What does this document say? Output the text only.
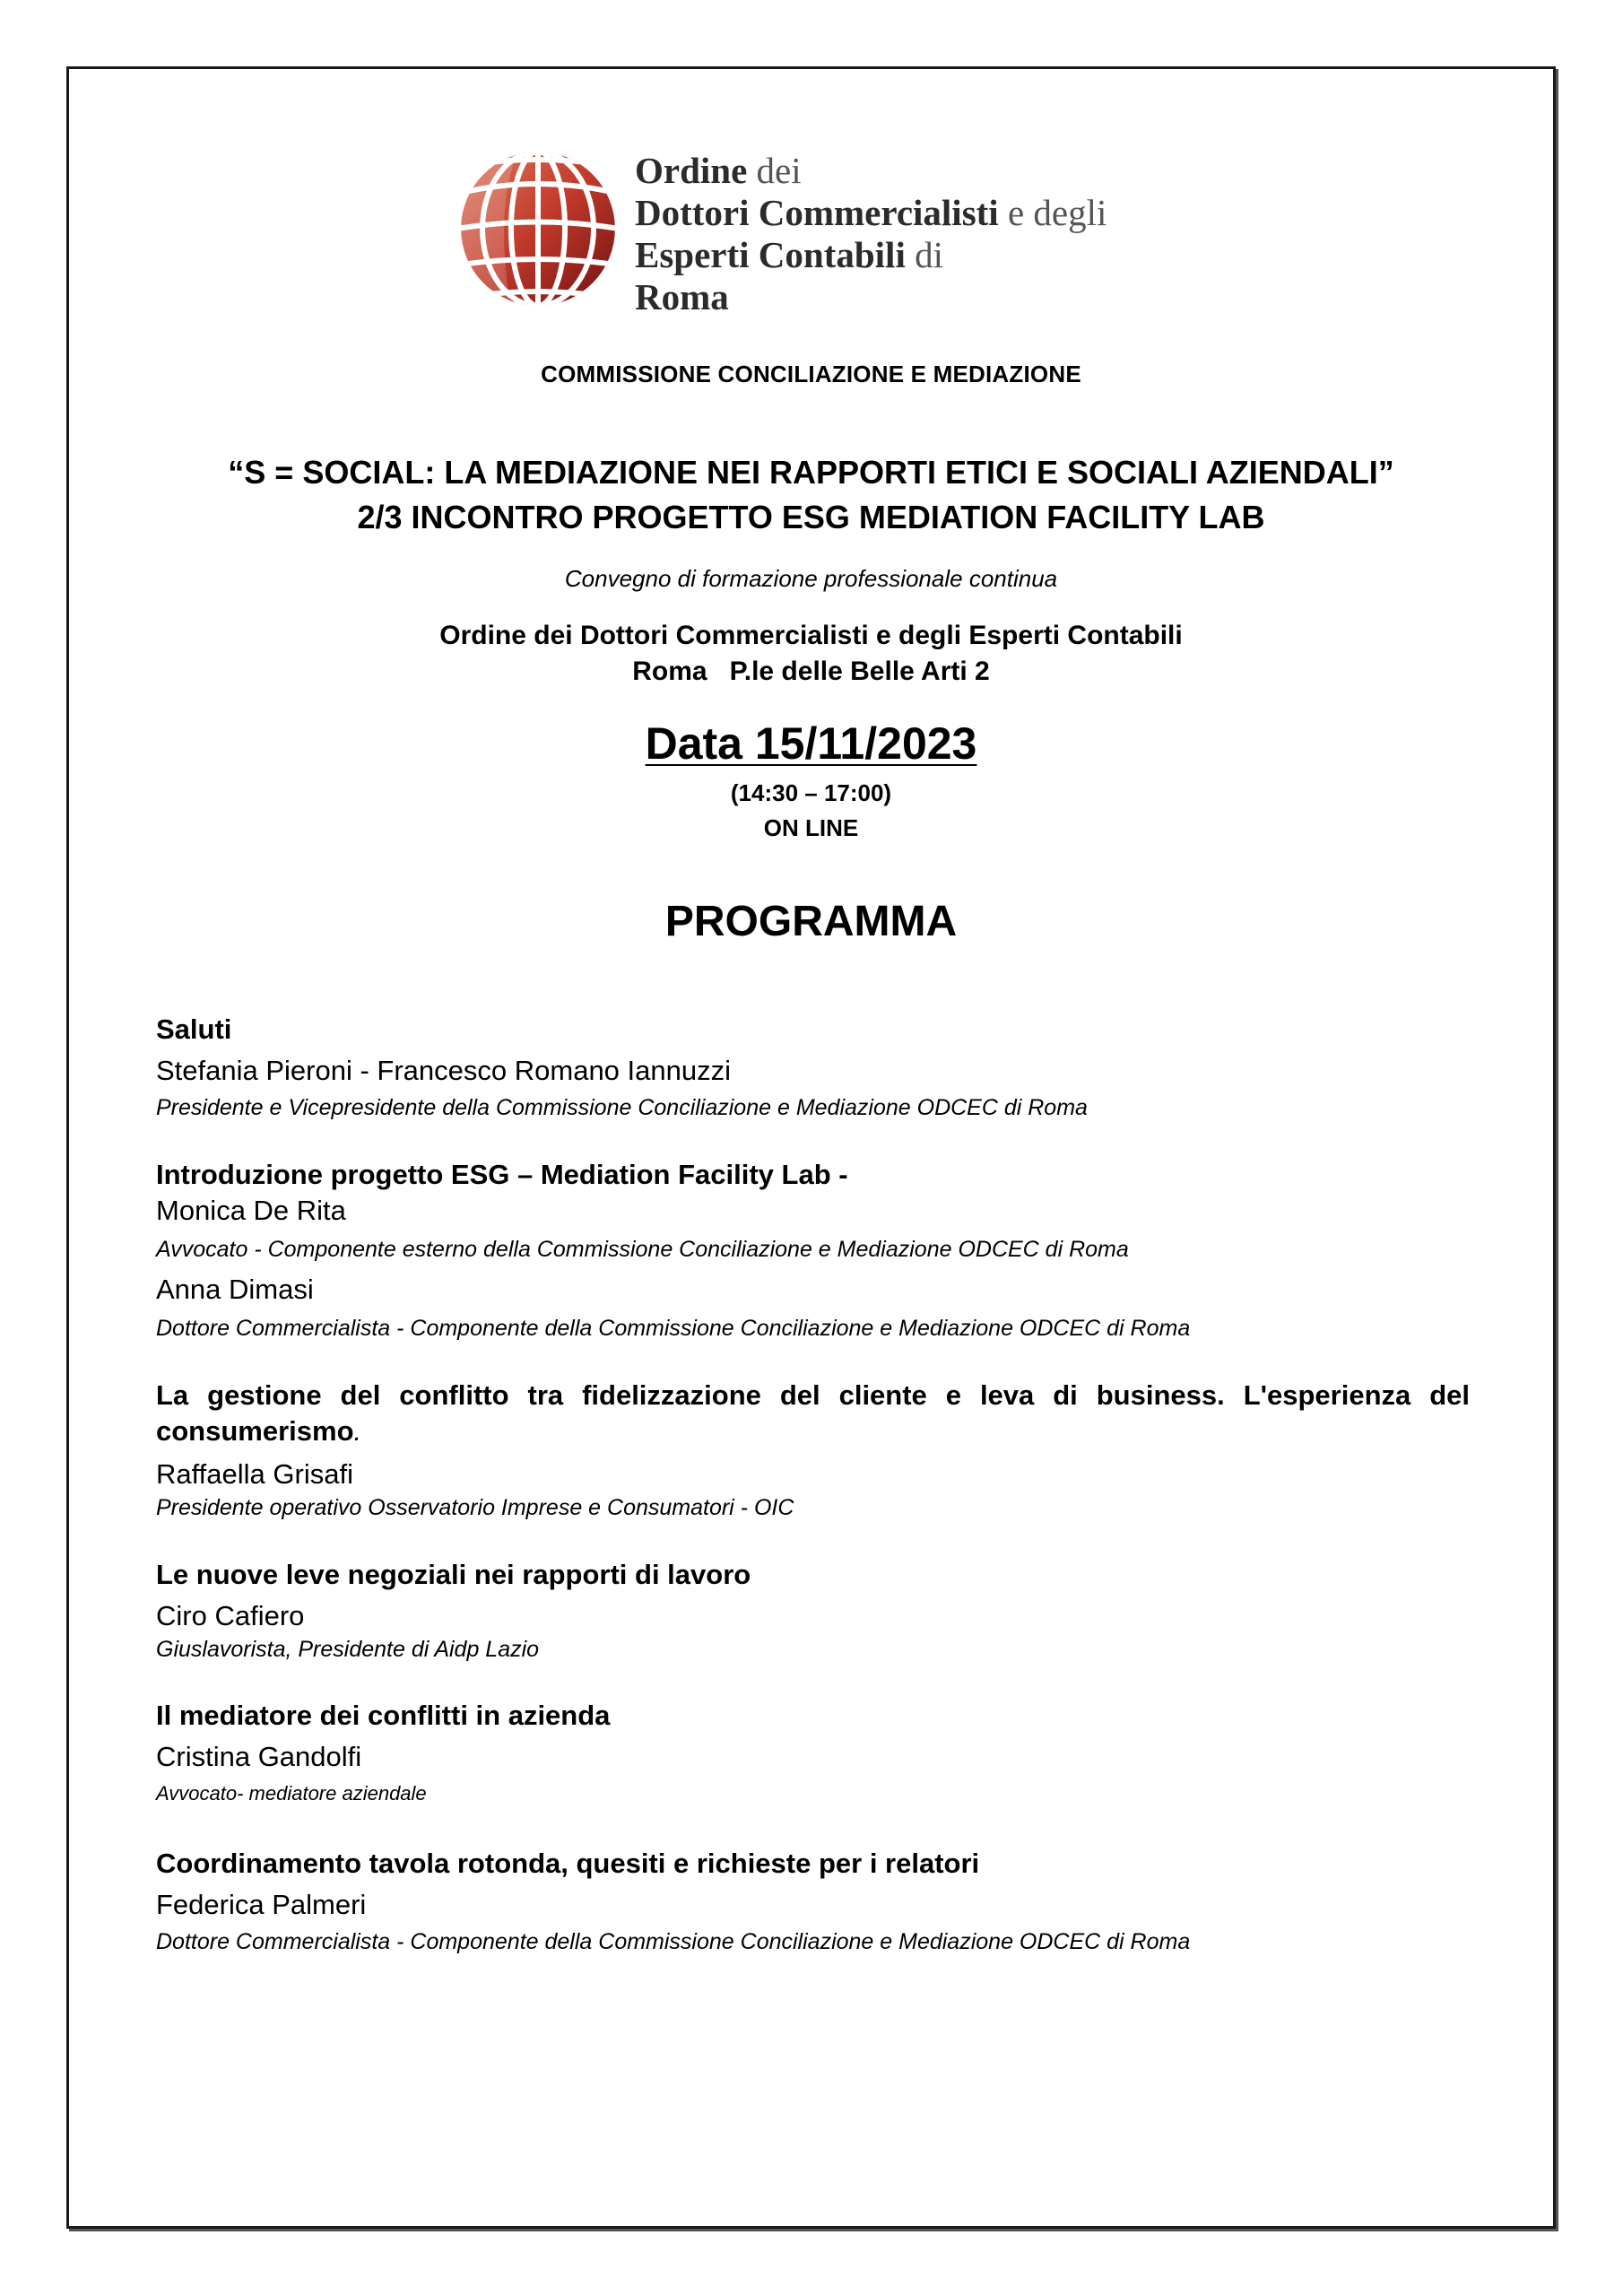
Ordine dei
Dottori Commercialisti e degli
Esperti Contabili di
Roma
COMMISSIONE CONCILIAZIONE E MEDIAZIONE
“S = SOCIAL: LA MEDIAZIONE NEI RAPPORTI ETICI E SOCIALI AZIENDALI”
2/3 INCONTRO PROGETTO ESG MEDIATION FACILITY LAB
Convegno di formazione professionale continua
Ordine dei Dottori Commercialisti e degli Esperti Contabili
Roma   P.le delle Belle Arti 2
Data 15/11/2023
(14:30 – 17:00)
ON LINE
PROGRAMMA
Saluti
Stefania Pieroni - Francesco Romano Iannuzzi
Presidente e Vicepresidente della Commissione Conciliazione e Mediazione ODCEC di Roma
Introduzione progetto ESG – Mediation Facility Lab -
Monica De Rita
Avvocato - Componente esterno della Commissione Conciliazione e Mediazione ODCEC di Roma
Anna Dimasi
Dottore Commercialista - Componente della Commissione Conciliazione e Mediazione ODCEC di Roma
La gestione del conflitto tra fidelizzazione del cliente e leva di business. L'esperienza del consumerismo.
Raffaella Grisafi
Presidente operativo Osservatorio Imprese e Consumatori - OIC
Le nuove leve negoziali nei rapporti di lavoro
Ciro Cafiero
Giuslavorista, Presidente di Aidp Lazio
Il mediatore dei conflitti in azienda
Cristina Gandolfi
Avvocato- mediatore aziendale
Coordinamento tavola rotonda, quesiti e richieste per i relatori
Federica Palmeri
Dottore Commercialista - Componente della Commissione Conciliazione e Mediazione ODCEC di Roma
